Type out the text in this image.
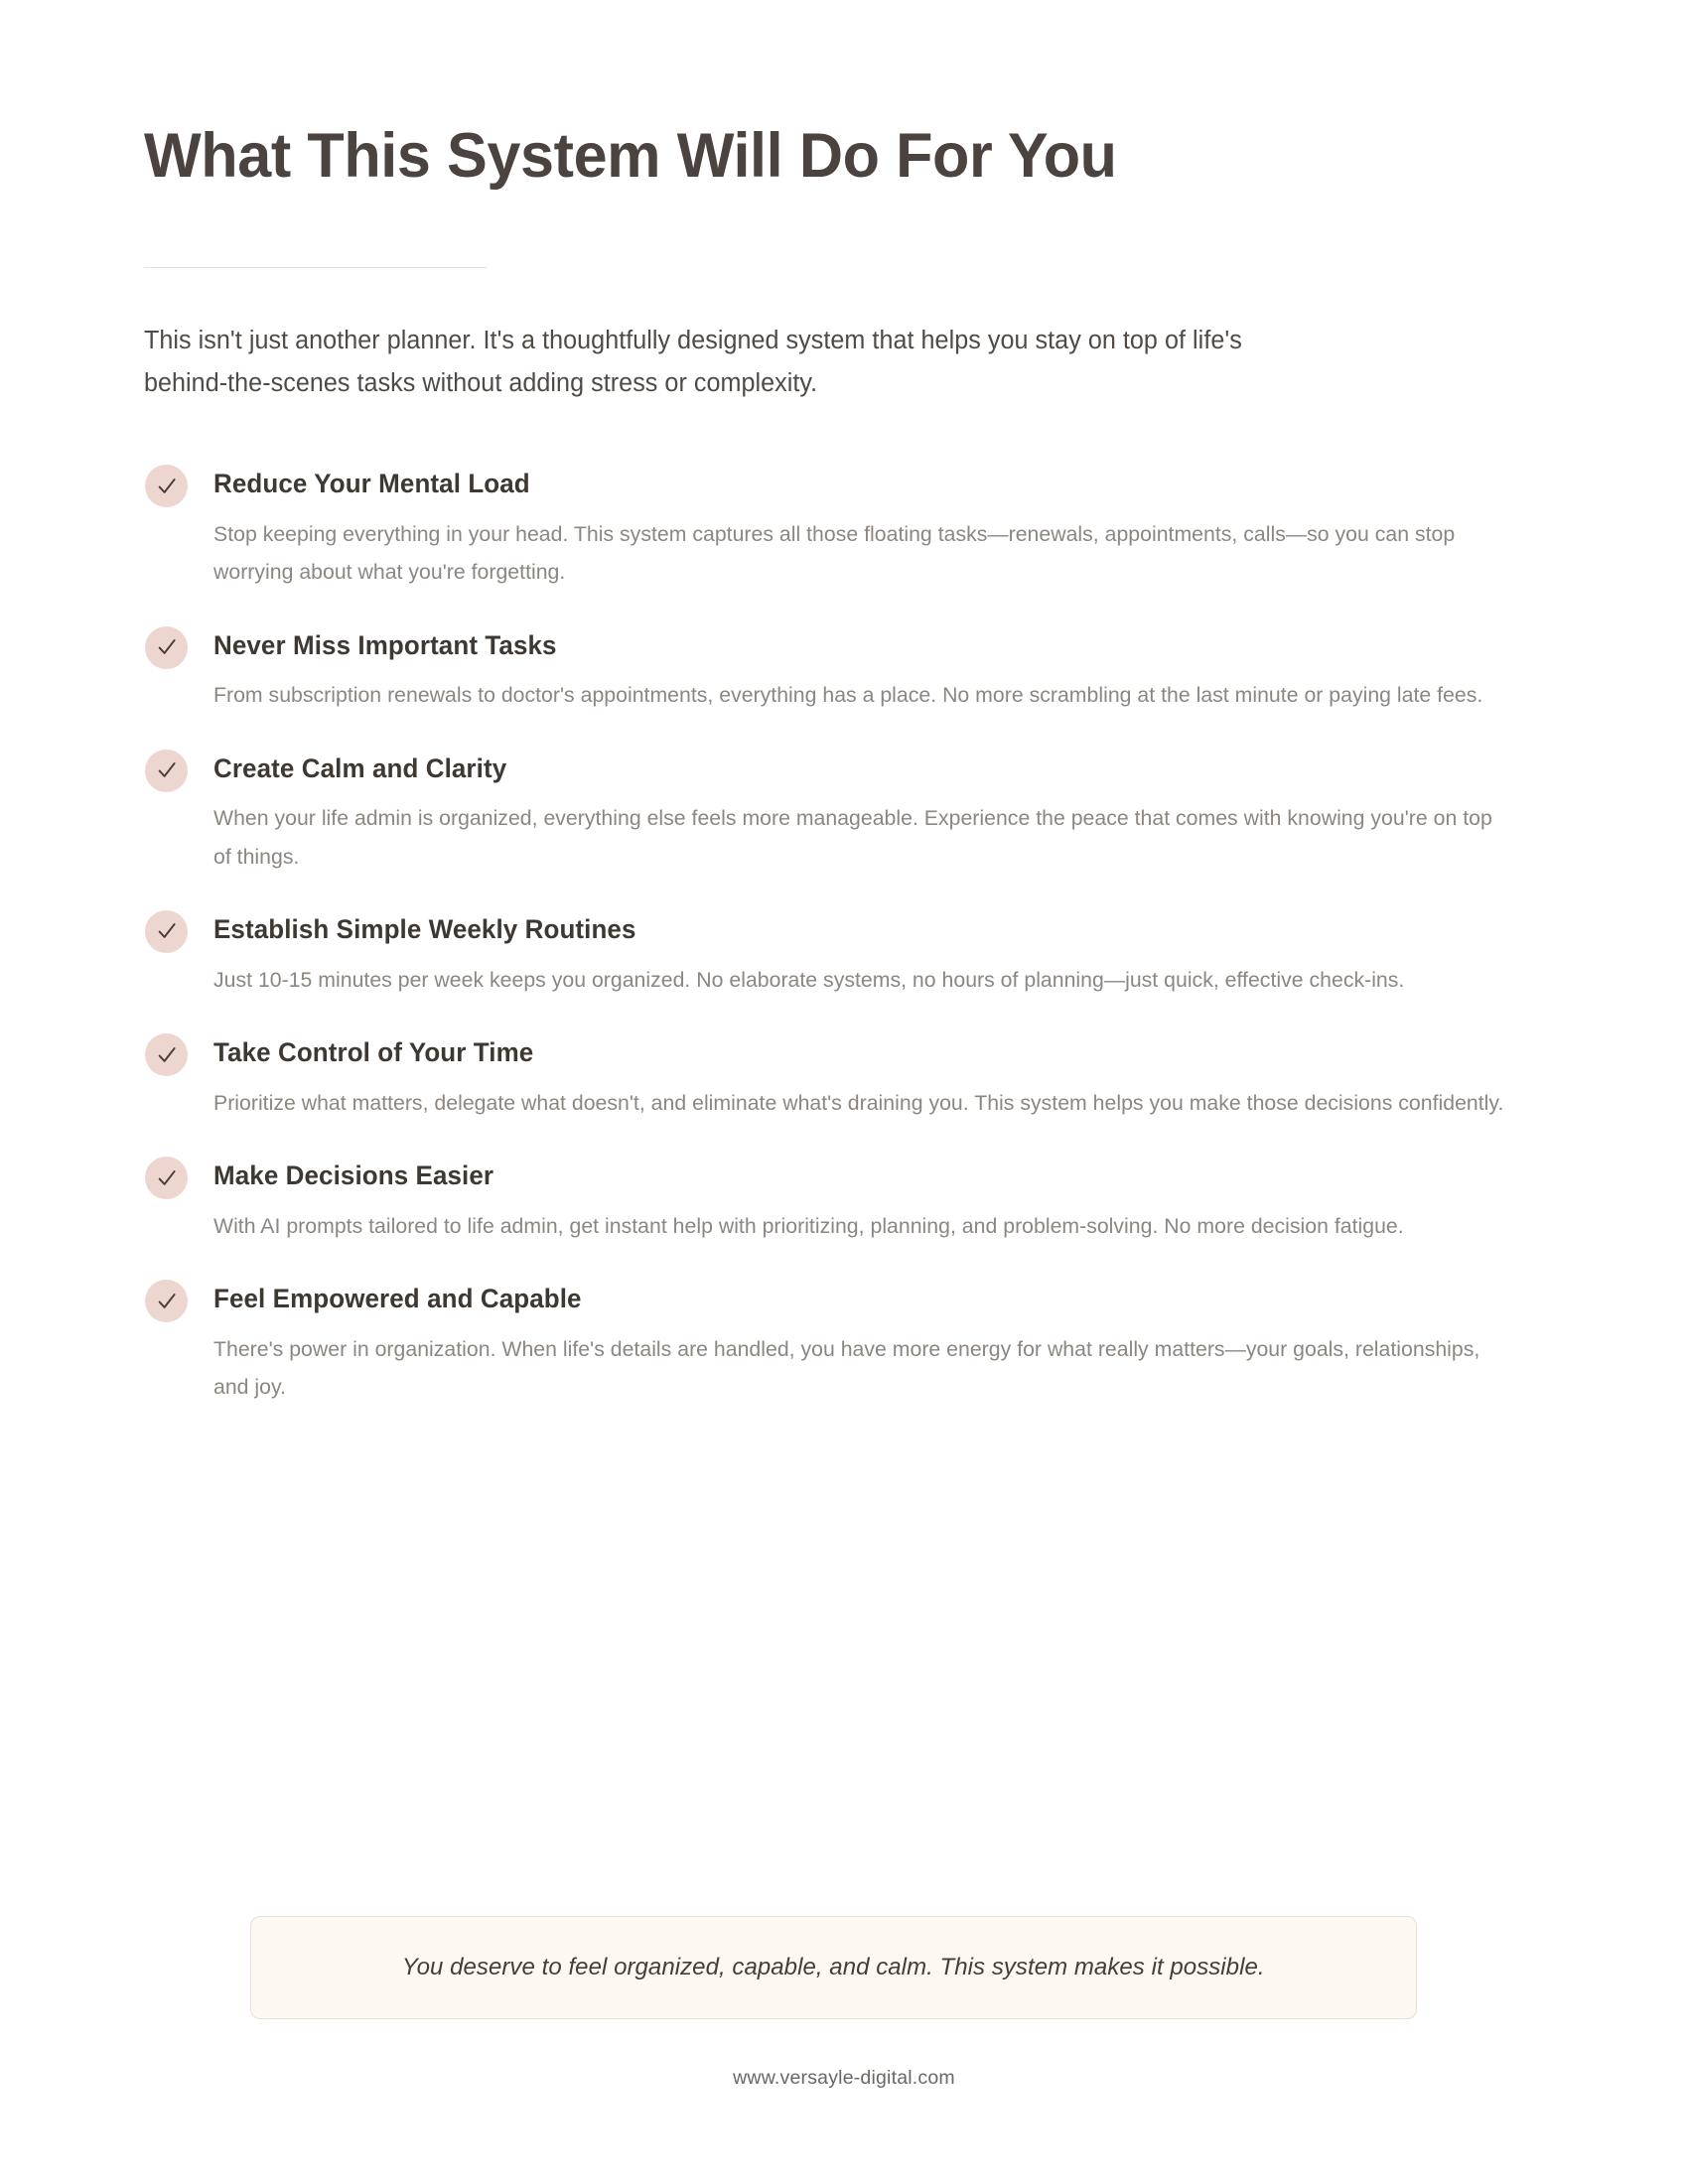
What This System Will Do For You

This isn't just another planner. It's a thoughtfully designed system that helps you stay on top of life's behind-the-scenes tasks without adding stress or complexity.

Reduce Your Mental Load

Stop keeping everything in your head. This system captures all those floating tasks—renewals, appointments, calls—so you can stop worrying about what you're forgetting.

Never Miss Important Tasks

From subscription renewals to doctor's appointments, everything has a place. No more scrambling at the last minute or paying late fees.

Create Calm and Clarity

When your life admin is organized, everything else feels more manageable. Experience the peace that comes with knowing you're on top of things.

Establish Simple Weekly Routines

Just 10-15 minutes per week keeps you organized. No elaborate systems, no hours of planning—just quick, effective check-ins.

Take Control of Your Time

Prioritize what matters, delegate what doesn't, and eliminate what's draining you. This system helps you make those decisions confidently.

Make Decisions Easier

With AI prompts tailored to life admin, get instant help with prioritizing, planning, and problem-solving. No more decision fatigue.

Feel Empowered and Capable

There's power in organization. When life's details are handled, you have more energy for what really matters—your goals, relationships, and joy.

You deserve to feel organized, capable, and calm. This system makes it possible.
www.versayle-digital.com
